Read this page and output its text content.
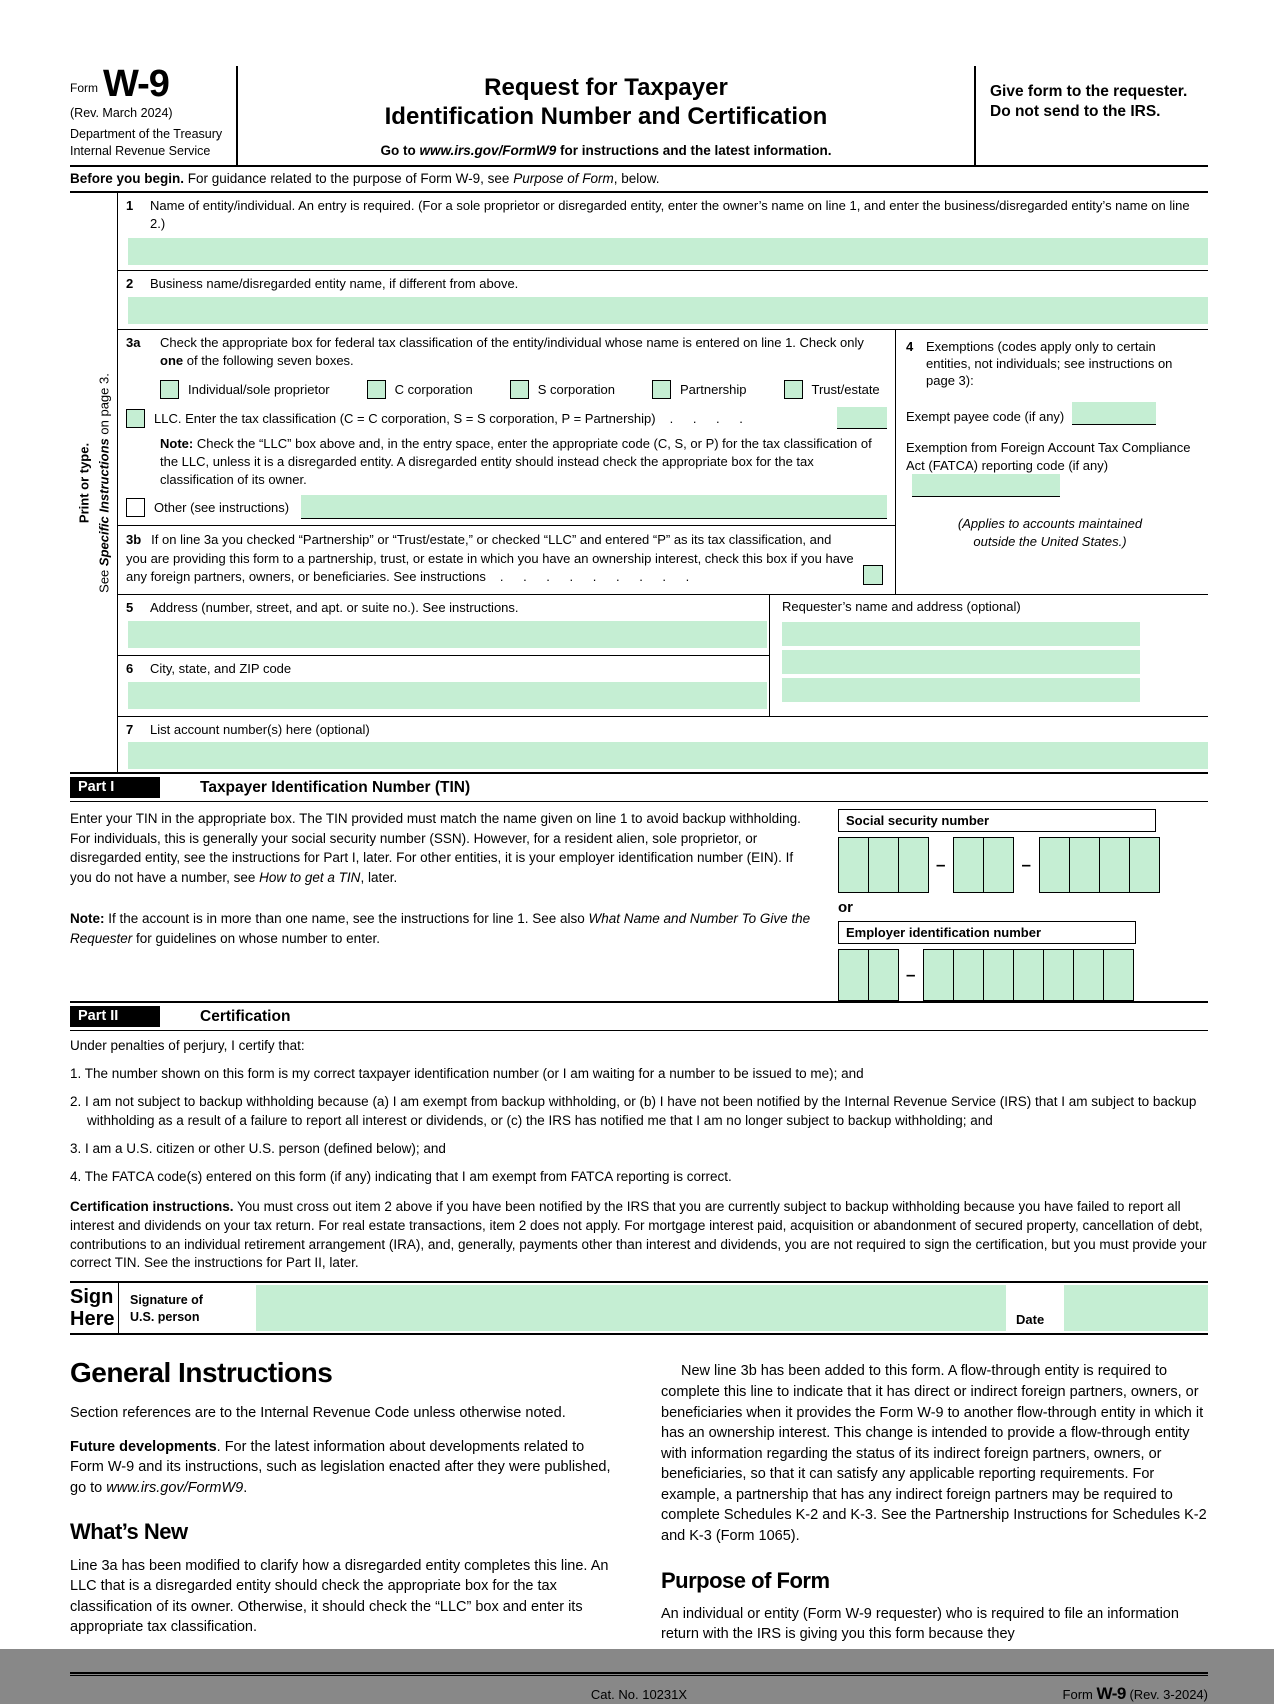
Form W-9
(Rev. March 2024)
Department of the Treasury
Internal Revenue Service
Request for Taxpayer
Identification Number and Certification
Go to www.irs.gov/FormW9 for instructions and the latest information.
Give form to the requester. Do not send to the IRS.
Before you begin. For guidance related to the purpose of Form W-9, see Purpose of Form, below.
Print or type.
See Specific Instructions on page 3.
1	Name of entity/individual. An entry is required. (For a sole proprietor or disregarded entity, enter the owner’s name on line 1, and enter the business/disregarded entity’s name on line 2.)
2	Business name/disregarded entity name, if different from above.
3a	Check the appropriate box for federal tax classification of the entity/individual whose name is entered on line 1. Check only one of the following seven boxes.
Individual/sole proprietor	C corporation	S corporation	Partnership	Trust/estate
LLC. Enter the tax classification (C = C corporation, S = S corporation, P = Partnership) . . . .
Note: Check the “LLC” box above and, in the entry space, enter the appropriate code (C, S, or P) for the tax classification of the LLC, unless it is a disregarded entity. A disregarded entity should instead check the appropriate box for the tax classification of its owner.
Other (see instructions)
3b If on line 3a you checked “Partnership” or “Trust/estate,” or checked “LLC” and entered “P” as its tax classification, and you are providing this form to a partnership, trust, or estate in which you have an ownership interest, check this box if you have any foreign partners, owners, or beneficiaries. See instructions . . . . . . . . .
4 Exemptions (codes apply only to certain entities, not individuals; see instructions on page 3):
Exempt payee code (if any)
Exemption from Foreign Account Tax Compliance Act (FATCA) reporting code (if any)
(Applies to accounts maintained
outside the United States.)
5	Address (number, street, and apt. or suite no.). See instructions.
6	City, state, and ZIP code
Requester’s name and address (optional)
7	List account number(s) here (optional)
Part I	Taxpayer Identification Number (TIN)

Enter your TIN in the appropriate box. The TIN provided must match the name given on line 1 to avoid backup withholding. For individuals, this is generally your social security number (SSN). However, for a resident alien, sole proprietor, or disregarded entity, see the instructions for Part I, later. For other entities, it is your employer identification number (EIN). If you do not have a number, see How to get a TIN, later.

Note: If the account is in more than one name, see the instructions for line 1. See also What Name and Number To Give the Requester for guidelines on whose number to enter.

Social security number
–	–
or
Employer identification number
–
Part II	Certification

Under penalties of perjury, I certify that:

1. The number shown on this form is my correct taxpayer identification number (or I am waiting for a number to be issued to me); and

2. I am not subject to backup withholding because (a) I am exempt from backup withholding, or (b) I have not been notified by the Internal Revenue Service (IRS) that I am subject to backup withholding as a result of a failure to report all interest or dividends, or (c) the IRS has notified me that I am no longer subject to backup withholding; and

3. I am a U.S. citizen or other U.S. person (defined below); and

4. The FATCA code(s) entered on this form (if any) indicating that I am exempt from FATCA reporting is correct.

Certification instructions. You must cross out item 2 above if you have been notified by the IRS that you are currently subject to backup withholding because you have failed to report all interest and dividends on your tax return. For real estate transactions, item 2 does not apply. For mortgage interest paid, acquisition or abandonment of secured property, cancellation of debt, contributions to an individual retirement arrangement (IRA), and, generally, payments other than interest and dividends, you are not required to sign the certification, but you must provide your correct TIN. See the instructions for Part II, later.

Sign
Here
Signature of
U.S. person	Date
General Instructions

Section references are to the Internal Revenue Code unless otherwise noted.

Future developments. For the latest information about developments related to Form W-9 and its instructions, such as legislation enacted after they were published, go to www.irs.gov/FormW9.

What’s New

Line 3a has been modified to clarify how a disregarded entity completes this line. An LLC that is a disregarded entity should check the appropriate box for the tax classification of its owner. Otherwise, it should check the “LLC” box and enter its appropriate tax classification.

New line 3b has been added to this form. A flow-through entity is required to complete this line to indicate that it has direct or indirect foreign partners, owners, or beneficiaries when it provides the Form W-9 to another flow-through entity in which it has an ownership interest. This change is intended to provide a flow-through entity with information regarding the status of its indirect foreign partners, owners, or beneficiaries, so that it can satisfy any applicable reporting requirements. For example, a partnership that has any indirect foreign partners may be required to complete Schedules K-2 and K-3. See the Partnership Instructions for Schedules K-2 and K-3 (Form 1065).

Purpose of Form

An individual or entity (Form W-9 requester) who is required to file an information return with the IRS is giving you this form because they

Cat. No. 10231X	Form W-9 (Rev. 3-2024)
